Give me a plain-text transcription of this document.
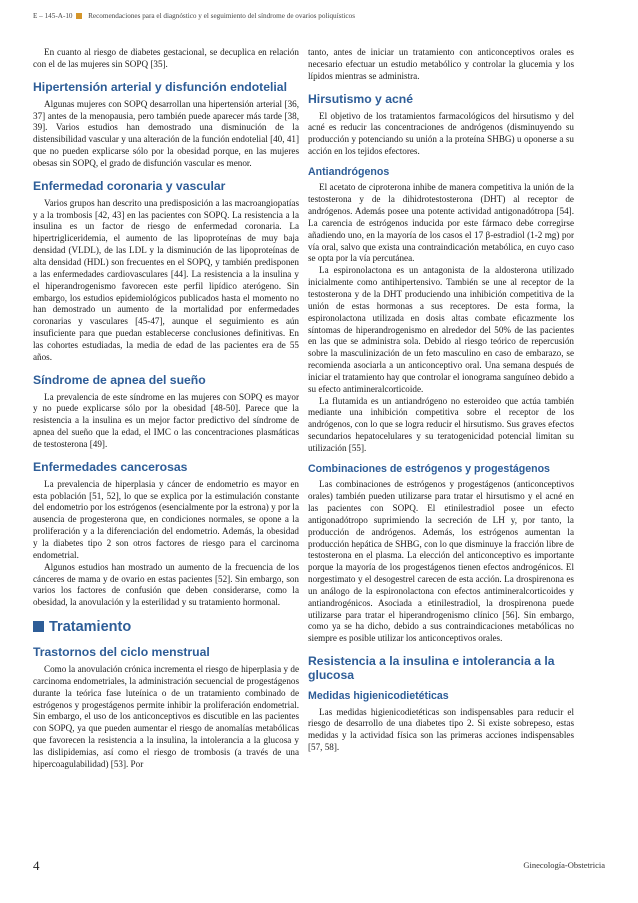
E – 145-A-10 Recomendaciones para el diagnóstico y el seguimiento del síndrome de ovarios poliquísticos

En cuanto al riesgo de diabetes gestacional, se decuplica en relación con el de las mujeres sin SOPQ [35].

Hipertensión arterial y disfunción endotelial

Algunas mujeres con SOPQ desarrollan una hipertensión arterial [36, 37] antes de la menopausia, pero también puede aparecer más tarde [38, 39]. Varios estudios han demostrado una disminución de la distensibilidad vascular y una alteración de la función endotelial [40, 41] que no pueden explicarse sólo por la obesidad porque, en las mujeres obesas sin SOPQ, el grado de disfunción vascular es menor.

Enfermedad coronaria y vascular

Varios grupos han descrito una predisposición a las macroangiopatías y a la trombosis [42, 43] en las pacientes con SOPQ. La resistencia a la insulina es un factor de riesgo de enfermedad coronaria. La hipertrigliceridemia, el aumento de las lipoproteínas de muy baja densidad (VLDL), de las LDL y la disminución de las lipoproteínas de alta densidad (HDL) son frecuentes en el SOPQ, y también predisponen a las enfermedades cardiovasculares [44]. La resistencia a la insulina y el hiperandrogenismo favorecen este perfil lipídico aterógeno. Sin embargo, los estudios epidemiológicos publicados hasta el momento no han demostrado un aumento de la mortalidad por enfermedades coronarias y vasculares [45-47], aunque el seguimiento es aún insuficiente para que puedan establecerse conclusiones definitivas. En las cohortes estudiadas, la media de edad de las pacientes era de 55 años.

Síndrome de apnea del sueño

La prevalencia de este síndrome en las mujeres con SOPQ es mayor y no puede explicarse sólo por la obesidad [48-50]. Parece que la resistencia a la insulina es un mejor factor predictivo del síndrome de apnea del sueño que la edad, el IMC o las concentraciones plasmáticas de testosterona [49].

Enfermedades cancerosas

La prevalencia de hiperplasia y cáncer de endometrio es mayor en esta población [51, 52], lo que se explica por la estimulación constante del endometrio por los estrógenos (esencialmente por la estrona) y por la ausencia de progesterona que, en condiciones normales, se opone a la proliferación y a la diferenciación del endometrio. Además, la obesidad y la diabetes tipo 2 son otros factores de riesgo para el carcinoma endometrial.

Algunos estudios han mostrado un aumento de la frecuencia de los cánceres de mama y de ovario en estas pacientes [52]. Sin embargo, son varios los factores de confusión que deben considerarse, como la obesidad, la anovulación y la esterilidad y su tratamiento hormonal.

Tratamiento
Trastornos del ciclo menstrual

Como la anovulación crónica incrementa el riesgo de hiperplasia y de carcinoma endometriales, la administración secuencial de progestágenos durante la teórica fase luteínica o de un tratamiento combinado de estrógenos y progestágenos permite inhibir la proliferación endometrial. Sin embargo, el uso de los anticonceptivos es discutible en las pacientes con SOPQ, ya que pueden aumentar el riesgo de anomalías metabólicas que favorecen la resistencia a la insulina, la intolerancia a la glucosa y las dislipidemias, así como el riesgo de trombosis (a través de una hipercoagulabilidad) [53]. Por

tanto, antes de iniciar un tratamiento con anticonceptivos orales es necesario efectuar un estudio metabólico y controlar la glucemia y los lípidos mientras se administra.

Hirsutismo y acné

El objetivo de los tratamientos farmacológicos del hirsutismo y del acné es reducir las concentraciones de andrógenos (disminuyendo su producción y potenciando su unión a la proteína SHBG) u oponerse a su acción en los tejidos efectores.

Antiandrógenos

El acetato de ciproterona inhibe de manera competitiva la unión de la testosterona y de la dihidrotestosterona (DHT) al receptor de andrógenos. Además posee una potente actividad antigonadótropa [54]. La carencia de estrógenos inducida por este fármaco debe corregirse añadiendo uno, en la mayoría de los casos el 17 β-estradiol (1-2 mg) por vía oral, salvo que exista una contraindicación metabólica, en cuyo caso se opta por la vía percutánea.

La espironolactona es un antagonista de la aldosterona utilizado inicialmente como antihipertensivo. También se une al receptor de la testosterona y de la DHT produciendo una inhibición competitiva de la unión de estas hormonas a sus receptores. De esta forma, la espironolactona utilizada en dosis altas combate eficazmente los síntomas de hiperandrogenismo en alrededor del 50% de las pacientes en las que se administra sola. Debido al riesgo teórico de repercusión sobre la masculinización de un feto masculino en caso de embarazo, se recomienda asociarla a un anticonceptivo oral. Una semana después de iniciar el tratamiento hay que controlar el ionograma sanguíneo debido a su efecto antimineralcorticoide.

La flutamida es un antiandrógeno no esteroideo que actúa también mediante una inhibición competitiva sobre el receptor de los andrógenos, con lo que se logra reducir el hirsutismo. Sus graves efectos secundarios hepatocelulares y su teratogenicidad potencial limitan su utilización [55].

Combinaciones de estrógenos y progestágenos

Las combinaciones de estrógenos y progestágenos (anticonceptivos orales) también pueden utilizarse para tratar el hirsutismo y el acné en las pacientes con SOPQ. El etinilestradiol posee un efecto antigonadótropo suprimiendo la secreción de LH y, por tanto, la producción de andrógenos. Además, los estrógenos aumentan la producción hepática de SHBG, con lo que disminuye la fracción libre de testosterona en el plasma. La elección del anticonceptivo es importante porque la mayoría de los progestágenos tienen efectos androgénicos. El norgestimato y el desogestrel carecen de esta acción. La drospirenona es un análogo de la espironolactona con efectos antimineralcorticoides y antiandrogénicos. Asociada a etinilestradiol, la drospirenona puede utilizarse para tratar el hiperandrogenismo clínico [56]. Sin embargo, como ya se ha dicho, debido a sus contraindicaciones metabólicas no siempre es posible utilizar los anticonceptivos orales.

Resistencia a la insulina e intolerancia a la glucosa
Medidas higienicodietéticas

Las medidas higienicodietéticas son indispensables para reducir el riesgo de desarrollo de una diabetes tipo 2. Si existe sobrepeso, estas medidas y la actividad física son las primeras acciones indispensables [57, 58].

4	Ginecología-Obstetricia
